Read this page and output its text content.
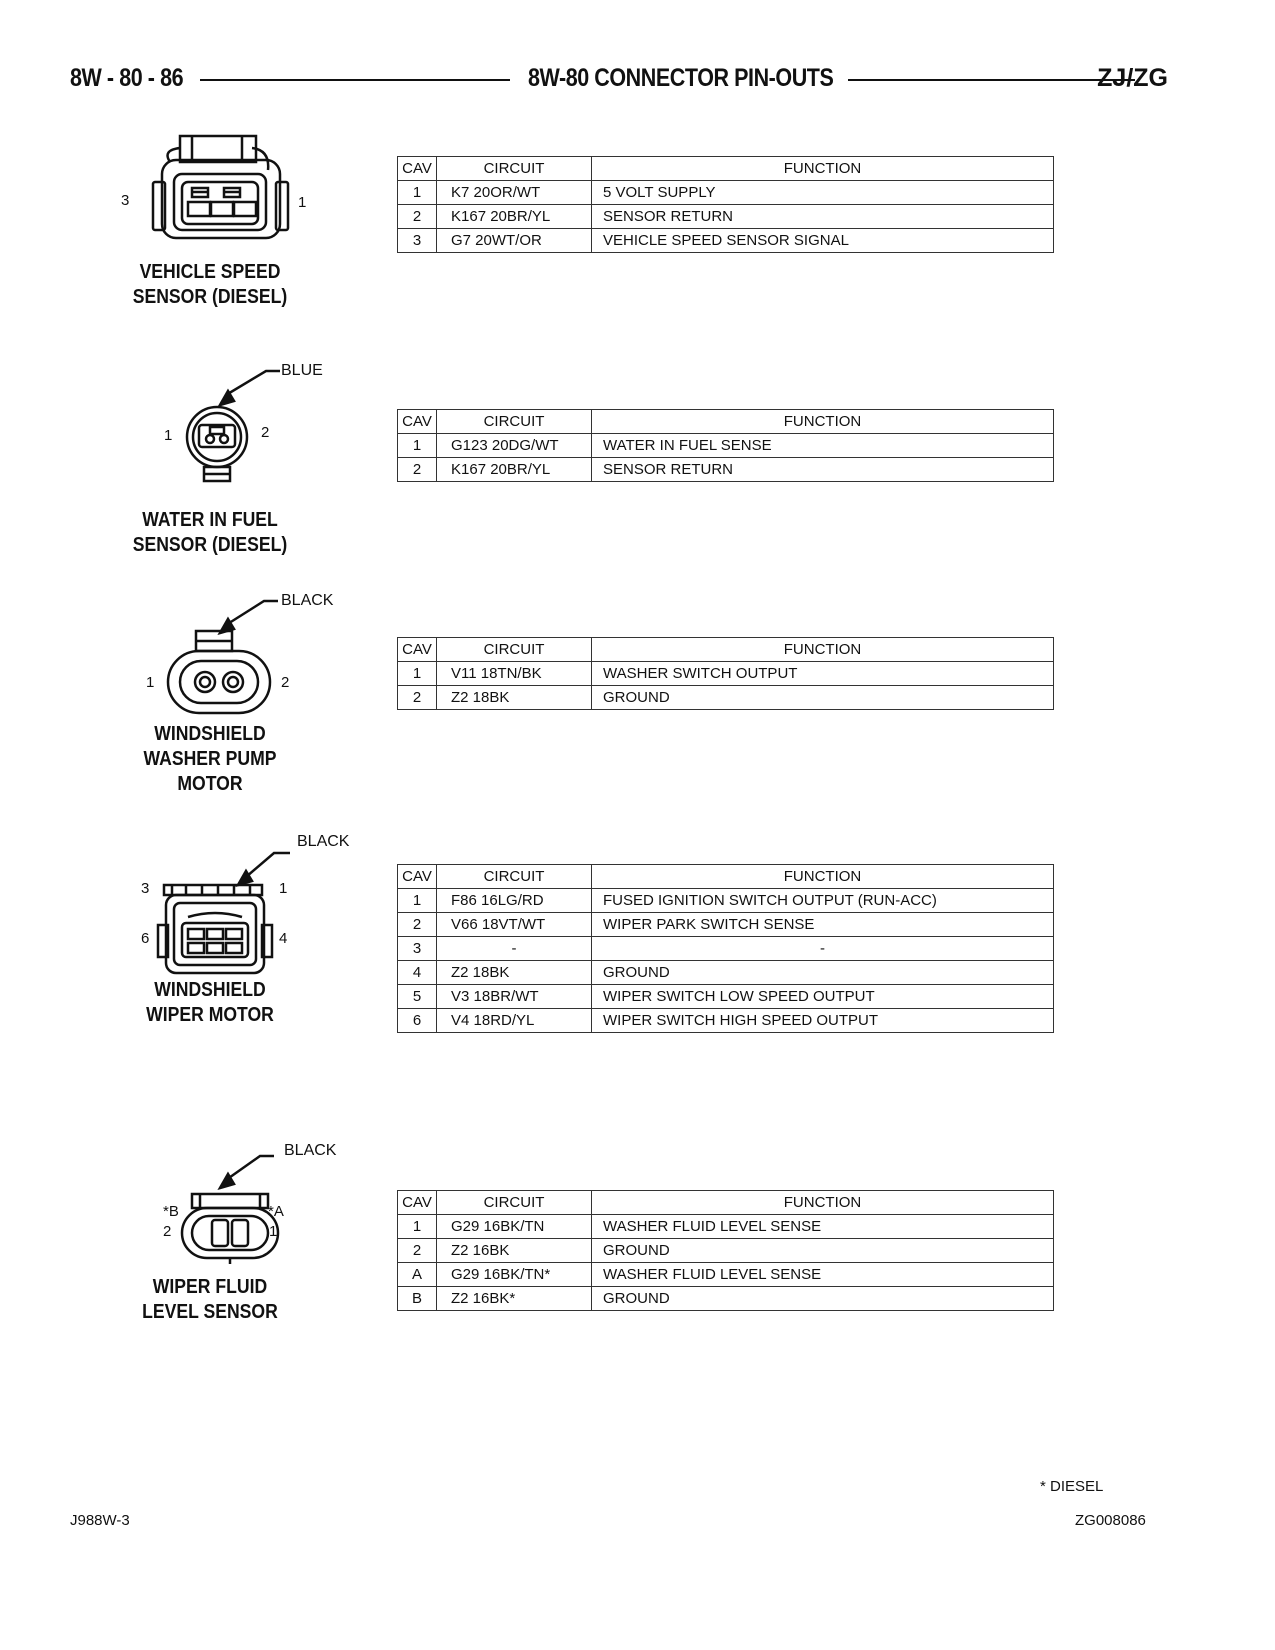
8W - 80 - 86	8W-80 CONNECTOR PIN-OUTS	ZJ/ZG
3	1
VEHICLE SPEED
SENSOR (DIESEL)
CAV	CIRCUIT	FUNCTION
1	K7 20OR/WT	5 VOLT SUPPLY
2	K167 20BR/YL	SENSOR RETURN
3	G7 20WT/OR	VEHICLE SPEED SENSOR SIGNAL
BLUE
1	2
WATER IN FUEL
SENSOR (DIESEL)
CAV	CIRCUIT	FUNCTION
1	G123 20DG/WT	WATER IN FUEL SENSE
2	K167 20BR/YL	SENSOR RETURN
BLACK
1	2
WINDSHIELD
WASHER PUMP
MOTOR
CAV	CIRCUIT	FUNCTION
1	V11 18TN/BK	WASHER SWITCH OUTPUT
2	Z2 18BK	GROUND
BLACK
3	1
6	4
WINDSHIELD
WIPER MOTOR
CAV	CIRCUIT	FUNCTION
1	F86 16LG/RD	FUSED IGNITION SWITCH OUTPUT (RUN-ACC)
2	V66 18VT/WT	WIPER PARK SWITCH SENSE
3	-	-
4	Z2 18BK	GROUND
5	V3 18BR/WT	WIPER SWITCH LOW SPEED OUTPUT
6	V4 18RD/YL	WIPER SWITCH HIGH SPEED OUTPUT
BLACK
*B	*A
2	1
WIPER FLUID
LEVEL SENSOR
CAV	CIRCUIT	FUNCTION
1	G29 16BK/TN	WASHER FLUID LEVEL SENSE
2	Z2 16BK	GROUND
A	G29 16BK/TN*	WASHER FLUID LEVEL SENSE
B	Z2 16BK*	GROUND
* DIESEL
J988W-3	ZG008086
